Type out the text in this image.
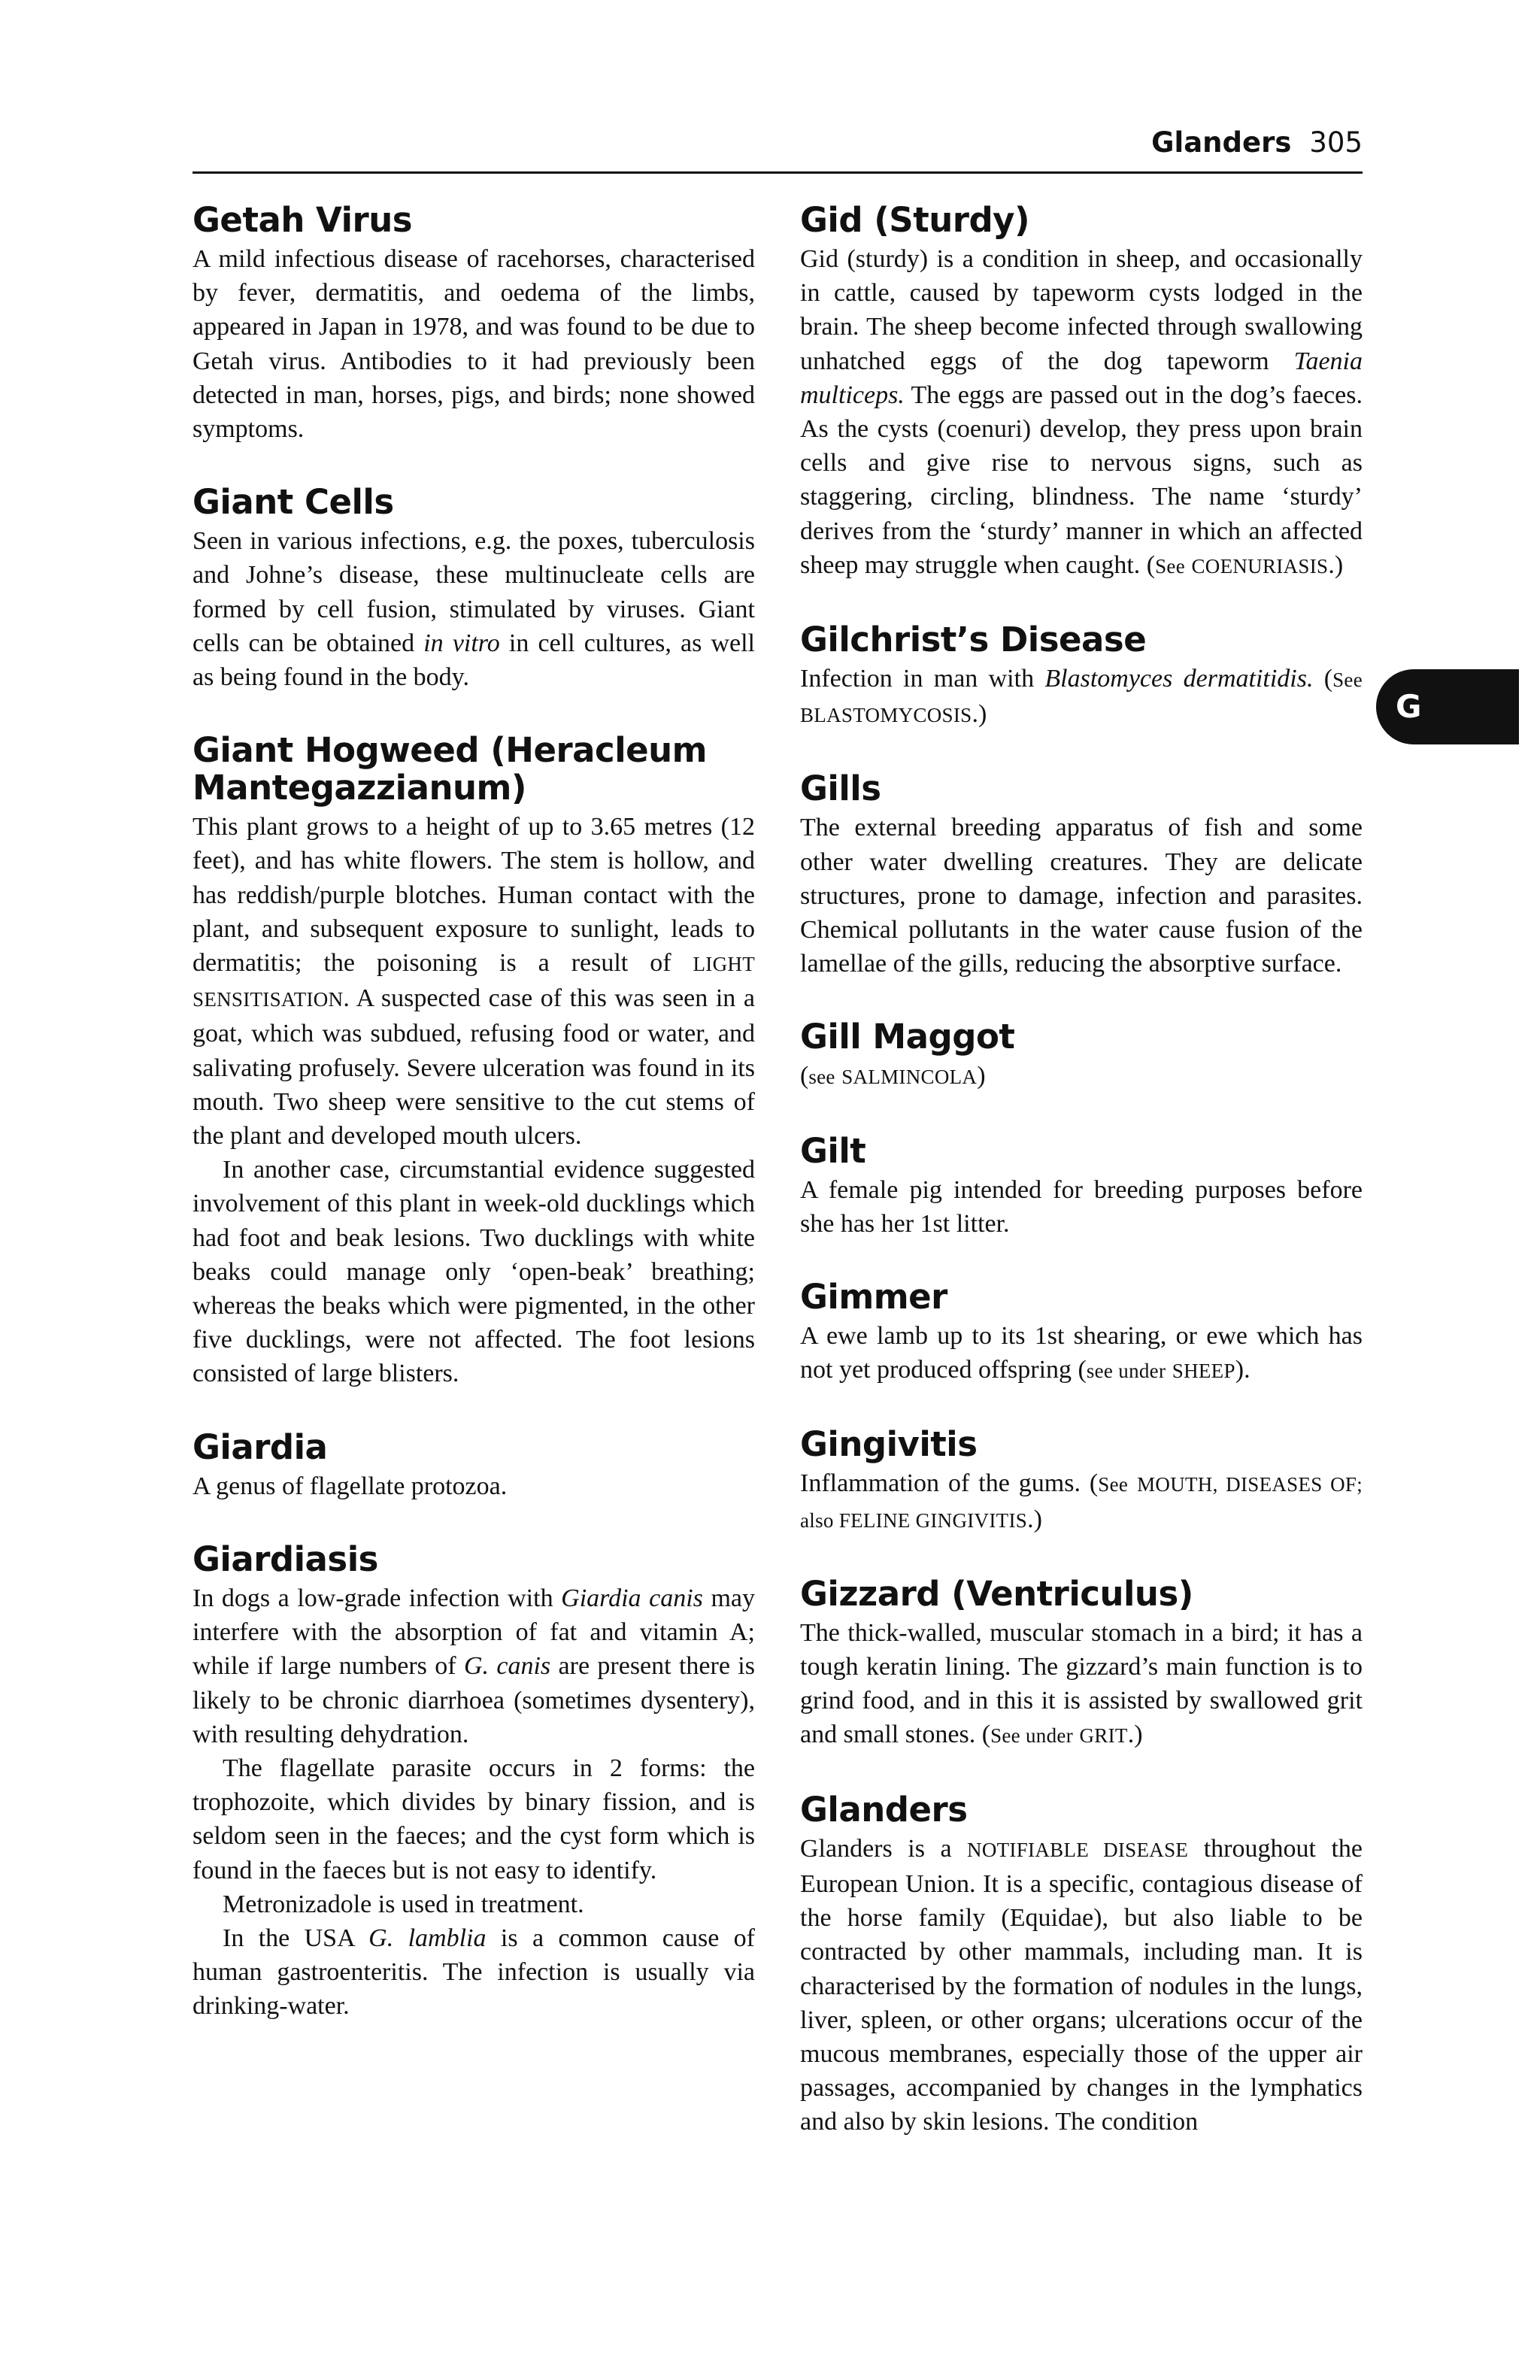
Glanders 305
G
Getah Virus

A mild infectious disease of racehorses, characterised by fever, dermatitis, and oedema of the limbs, appeared in Japan in 1978, and was found to be due to Getah virus. Antibodies to it had previously been detected in man, horses, pigs, and birds; none showed symptoms.

Giant Cells

Seen in various infections, e.g. the poxes, tuberculosis and Johne’s disease, these multinucleate cells are formed by cell fusion, stimulated by viruses. Giant cells can be obtained in vitro in cell cultures, as well as being found in the body.

Giant Hogweed (Heracleum Mantegazzianum)

This plant grows to a height of up to 3.65 metres (12 feet), and has white flowers. The stem is hollow, and has reddish/purple blotches. Human contact with the plant, and subsequent exposure to sunlight, leads to dermatitis; the poisoning is a result of LIGHT SENSITISATION. A suspected case of this was seen in a goat, which was subdued, refusing food or water, and salivating profusely. Severe ulceration was found in its mouth. Two sheep were sensitive to the cut stems of the plant and developed mouth ulcers.

In another case, circumstantial evidence suggested involvement of this plant in week-old ducklings which had foot and beak lesions. Two ducklings with white beaks could manage only ‘open-beak’ breathing; whereas the beaks which were pigmented, in the other five ducklings, were not affected. The foot lesions consisted of large blisters.

Giardia

A genus of flagellate protozoa.

Giardiasis

In dogs a low-grade infection with Giardia canis may interfere with the absorption of fat and vitamin A; while if large numbers of G. canis are present there is likely to be chronic diarrhoea (sometimes dysentery), with resulting dehydration.

The flagellate parasite occurs in 2 forms: the trophozoite, which divides by binary fission, and is seldom seen in the faeces; and the cyst form which is found in the faeces but is not easy to identify.

Metronizadole is used in treatment.

In the USA G. lamblia is a common cause of human gastroenteritis. The infection is usually via drinking-water.

Gid (Sturdy)

Gid (sturdy) is a condition in sheep, and occasionally in cattle, caused by tapeworm cysts lodged in the brain. The sheep become infected through swallowing unhatched eggs of the dog tapeworm Taenia multiceps. The eggs are passed out in the dog’s faeces. As the cysts (coenuri) develop, they press upon brain cells and give rise to nervous signs, such as staggering, circling, blindness. The name ‘sturdy’ derives from the ‘sturdy’ manner in which an affected sheep may struggle when caught. (See COENURIASIS.)

Gilchrist’s Disease

Infection in man with Blastomyces dermatitidis. (See BLASTOMYCOSIS.)

Gills

The external breeding apparatus of fish and some other water dwelling creatures. They are delicate structures, prone to damage, infection and parasites. Chemical pollutants in the water cause fusion of the lamellae of the gills, reducing the absorptive surface.

Gill Maggot

(see SALMINCOLA)

Gilt

A female pig intended for breeding purposes before she has her 1st litter.

Gimmer

A ewe lamb up to its 1st shearing, or ewe which has not yet produced offspring (see under SHEEP).

Gingivitis

Inflammation of the gums. (See MOUTH, DISEASES OF; also FELINE GINGIVITIS.)

Gizzard (Ventriculus)

The thick-walled, muscular stomach in a bird; it has a tough keratin lining. The gizzard’s main function is to grind food, and in this it is assisted by swallowed grit and small stones. (See under GRIT.)

Glanders

Glanders is a NOTIFIABLE DISEASE throughout the European Union. It is a specific, contagious disease of the horse family (Equidae), but also liable to be contracted by other mammals, including man. It is characterised by the formation of nodules in the lungs, liver, spleen, or other organs; ulcerations occur of the mucous membranes, especially those of the upper air passages, accompanied by changes in the lymphatics and also by skin lesions. The condition
